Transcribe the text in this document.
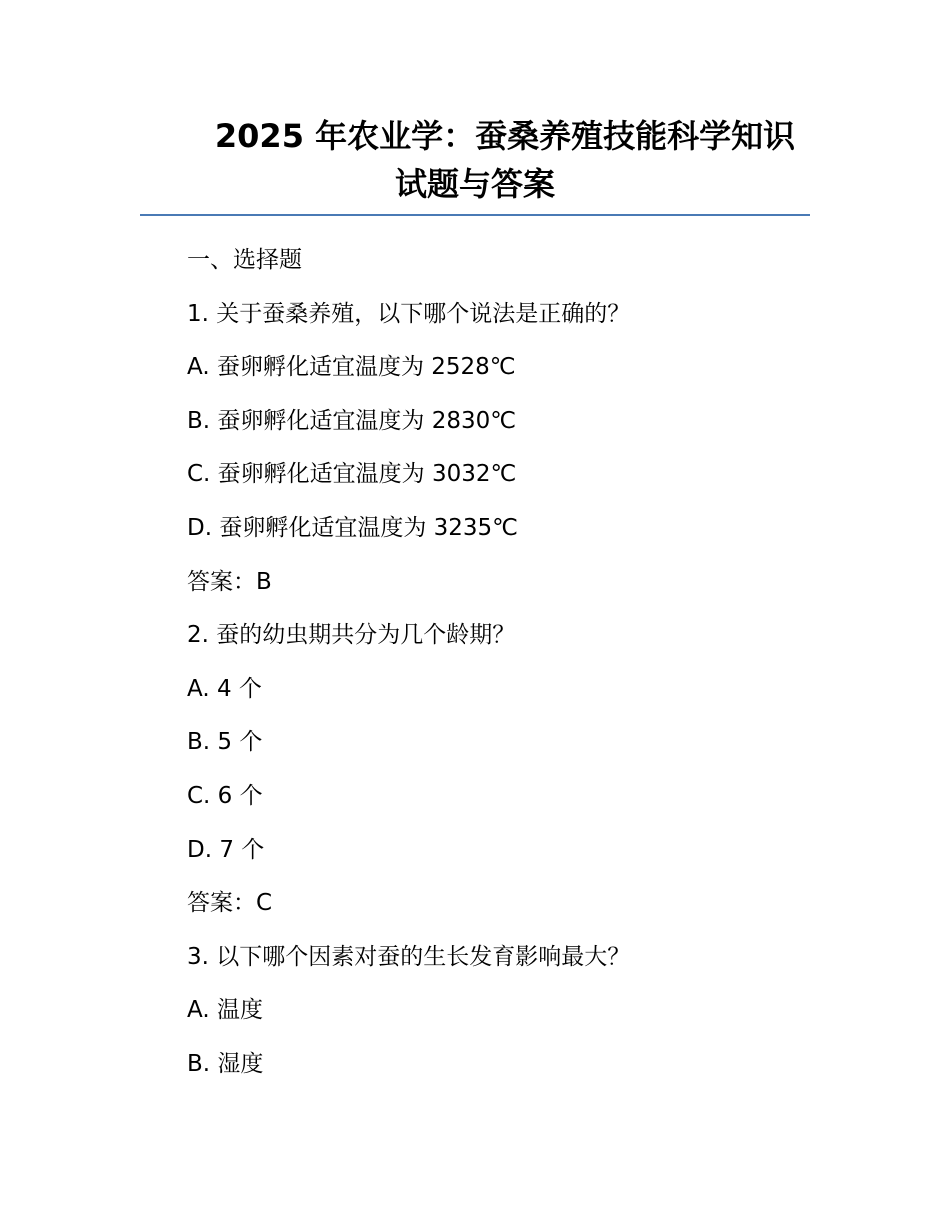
2025 年农业学：蚕桑养殖技能科学知识
试题与答案
一、选择题
1. 关于蚕桑养殖，以下哪个说法是正确的？
A. 蚕卵孵化适宜温度为 2528℃
B. 蚕卵孵化适宜温度为 2830℃
C. 蚕卵孵化适宜温度为 3032℃
D. 蚕卵孵化适宜温度为 3235℃
答案：B
2. 蚕的幼虫期共分为几个龄期？
A. 4 个
B. 5 个
C. 6 个
D. 7 个
答案：C
3. 以下哪个因素对蚕的生长发育影响最大？
A. 温度
B. 湿度
